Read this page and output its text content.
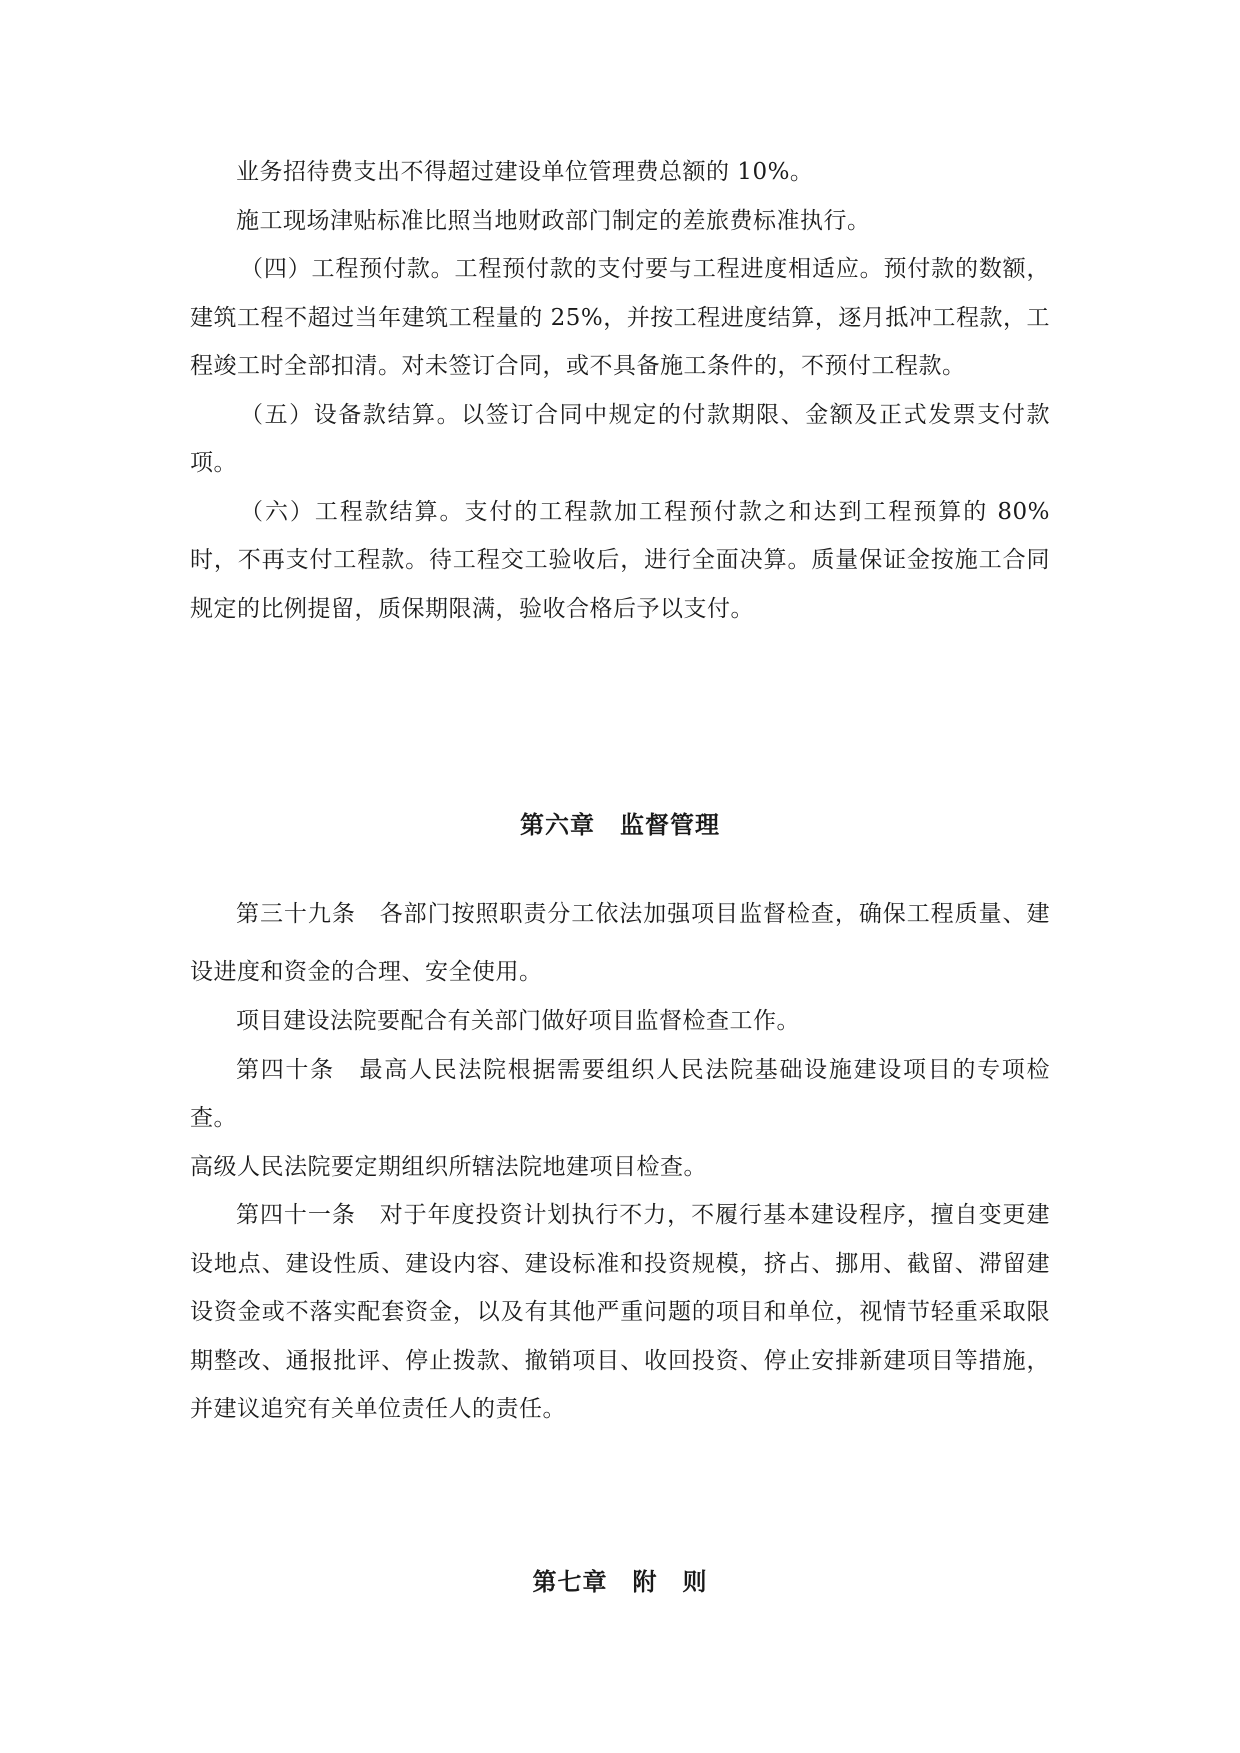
业务招待费支出不得超过建设单位管理费总额的 10%。

施工现场津贴标准比照当地财政部门制定的差旅费标准执行。

（四）工程预付款。工程预付款的支付要与工程进度相适应。预付款的数额，建筑工程不超过当年建筑工程量的 25%，并按工程进度结算，逐月抵冲工程款，工程竣工时全部扣清。对未签订合同，或不具备施工条件的，不预付工程款。

（五）设备款结算。以签订合同中规定的付款期限、金额及正式发票支付款项。

（六）工程款结算。支付的工程款加工程预付款之和达到工程预算的 80%时，不再支付工程款。待工程交工验收后，进行全面决算。质量保证金按施工合同规定的比例提留，质保期限满，验收合格后予以支付。

第六章　监督管理

第三十九条　各部门按照职责分工依法加强项目监督检查，确保工程质量、建设进度和资金的合理、安全使用。

项目建设法院要配合有关部门做好项目监督检查工作。

第四十条　最高人民法院根据需要组织人民法院基础设施建设项目的专项检查。

高级人民法院要定期组织所辖法院地建项目检查。

第四十一条　对于年度投资计划执行不力，不履行基本建设程序，擅自变更建设地点、建设性质、建设内容、建设标准和投资规模，挤占、挪用、截留、滞留建设资金或不落实配套资金，以及有其他严重问题的项目和单位，视情节轻重采取限期整改、通报批评、停止拨款、撤销项目、收回投资、停止安排新建项目等措施，并建议追究有关单位责任人的责任。

第七章　附　则
